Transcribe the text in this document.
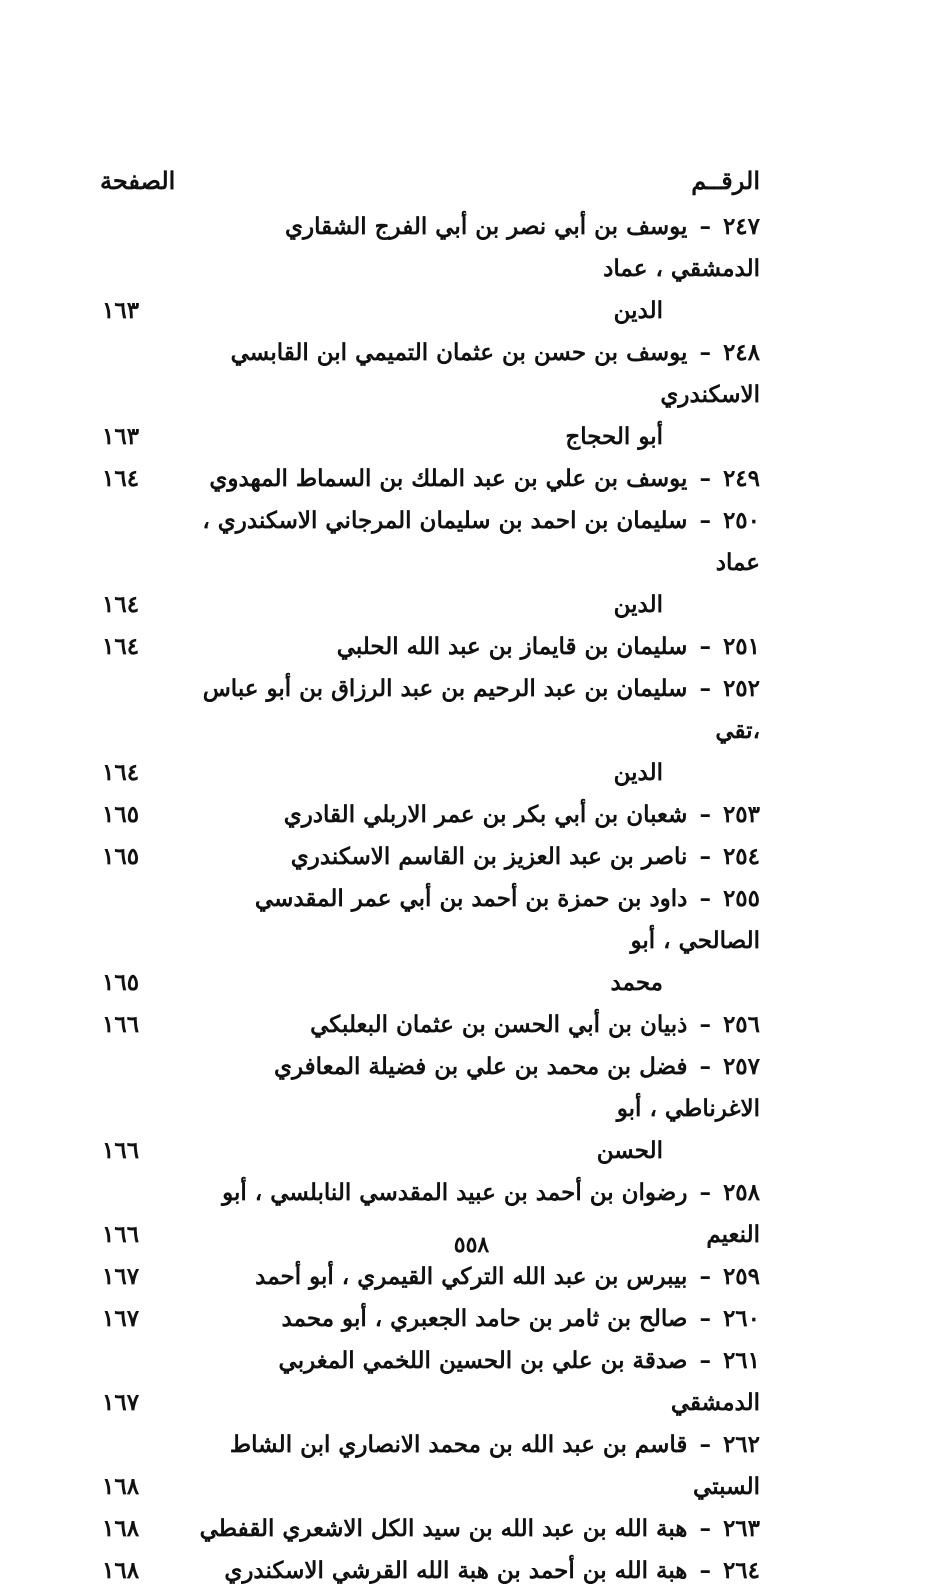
الرقــم
الصفحة
٢٤٧–يوسف بن أبي نصر بن أبي الفرج الشقاري الدمشقي ، عماد
الدين
١٦٣
٢٤٨–يوسف بن حسن بن عثمان التميمي ابن القابسي الاسكندري
أبو الحجاج
١٦٣
٢٤٩–يوسف بن علي بن عبد الملك بن السماط المهدوي
١٦٤
٢٥٠–سليمان بن احمد بن سليمان المرجاني الاسكندري ، عماد
الدين
١٦٤
٢٥١–سليمان بن قايماز بن عبد الله الحلبي
١٦٤
٢٥٢–سليمان بن عبد الرحيم بن عبد الرزاق بن أبو عباس ،تقي
الدين
١٦٤
٢٥٣–شعبان بن أبي بكر بن عمر الاربلي القادري
١٦٥
٢٥٤–ناصر بن عبد العزيز بن القاسم الاسكندري
١٦٥
٢٥٥–داود بن حمزة بن أحمد بن أبي عمر المقدسي الصالحي ، أبو
محمد
١٦٥
٢٥٦–ذبيان بن أبي الحسن بن عثمان البعلبكي
١٦٦
٢٥٧–فضل بن محمد بن علي بن فضيلة المعافري الاغرناطي ، أبو
الحسن
١٦٦
٢٥٨–رضوان بن أحمد بن عبيد المقدسي النابلسي ، أبو النعيم
١٦٦
٢٥٩–بيبرس بن عبد الله التركي القيمري ، أبو أحمد
١٦٧
٢٦٠–صالح بن ثامر بن حامد الجعبري ، أبو محمد
١٦٧
٢٦١–صدقة بن علي بن الحسين اللخمي المغربي الدمشقي
١٦٧
٢٦٢–قاسم بن عبد الله بن محمد الانصاري ابن الشاط السبتي
١٦٨
٢٦٣–هبة الله بن عبد الله بن سيد الكل الاشعري القفطي
١٦٨
٢٦٤–هبة الله بن أحمد بن هبة الله القرشي الاسكندري
١٦٨
٥٥٨
